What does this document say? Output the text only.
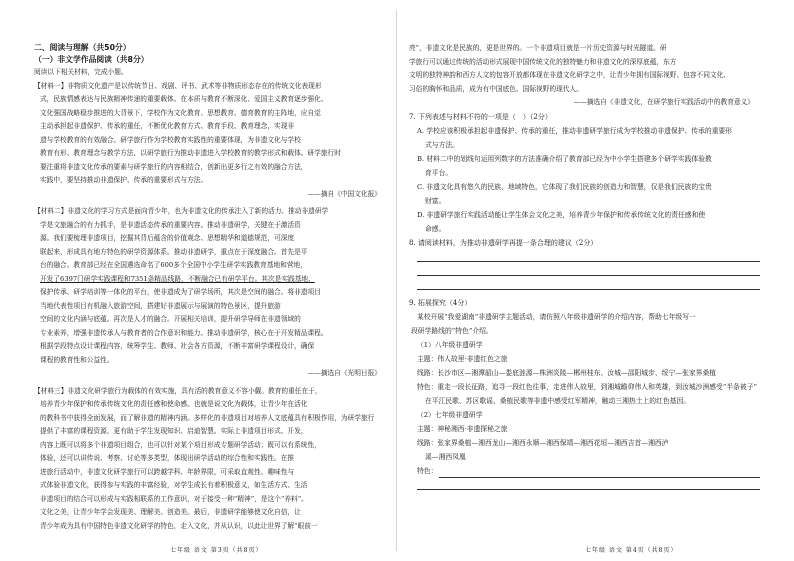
二、阅读与理解（共50分）
（一）非文学作品阅读（共8分）
阅读以下相关材料，完成小题。
【材料一】非物质文化遗产是以传统节日、戏剧、评书、武术等非物质形态存在的传统文化表现形
式，民族情感表达与民族精神传递的重要载体。在本质与教育不断深化、爱国主义教育逐步强化、
文化强国战略稳步推进的大背景下，学校作为文化教育、思想教育、德育教育的主阵地，应自觉
主动承担起非遗保护、传承的重任，不断优化教育方式、教育手段、教育理念，实现非
遗与学校教育的有效融合。研学旅行作为学校教育实践性的重要体现，为非遗文化与学校
教育有形、教育理念与教学方法，以研学旅行为推动非遗进入学校教育的教学形式和载体。研学旅行时
要注重将非遗文化传承的要素与研学旅行的内容相结合，创新出更多行之有效的融合方法，
实践中，要坚持推动非遗保护、传承的重要形式与方法。
——摘自《中国文化报》
【材料二】非遗文化的学习方式是面向青少年，也为非遗文化的传承注入了新的活力。推动非遗研学
学是文旅融合的有力抓手，是非遗活态传承的重要内容。推动非遗研学，关键在于激活资
源。我们要梳理非遗项目，挖掘其背后蕴含的价值观念、思想精华和道德规范，可深度
联起来，形成具有地方特色的研学资源体系。推动非遗研学，重点在于深度融合。首先是平
台的融合。教育部已经在全国遴选命名了600多个全国中小学生研学实践教育基地和营地，
开发了6397门研学实践课程和7351条精品线路，不断融合已有研学平台。其次是实践基地、
保护传承、研学培训等一体化的平台，使非遗成为了研学场所，其次是空间的融合。将非遗项目
当地代表性项目有机融入旅游空间，搭建好非遗展示与展演的特色景区，提升旅游
空间的文化内涵与底蕴。再次是人才的融合。开展相关培训，提升研学导师在非遗领域的
专业素养，增强非遗传承人与教育者的合作意识和能力。推动非遗研学，核心在于开发精品课程。
根据学段特点设计课程内容，统筹学生、教师、社会各方资源，不断丰富研学课程设计，确保
课程的教育性和公益性。
——摘选自《光明日报》
【材料三】非遗文化研学旅行为载体的有效实施，具有活的教育意义不容小觑。教育的重任在于，
培养青少年保护和传承传统文化的责任感和使命感。也就是说文化为载体，让青少年在活化
的教科书中获得全面发展，而了解非遗的精神内涵。多样化的非遗项目对培养人文底蕴具有积极作用，为研学旅行
提供了丰富的课程资源，更有助于学生发现知识、启迪智慧。实际上非遗项目形式、开发，
内容上既可以将多个非遗项目组合，也可以针对某个项目形成专题研学活动；既可以有系统性，
体验，还可以讲传说、考察、讨论等多类型，体现出研学活动的综合性和实践性。在推
进旅行活动中，非遗文化研学旅行可以跨越学科、年龄界限，可采取直观性、趣味性与
式体验非遗文化，获得参与实践的丰富经验，对学生成长有着积极意义，如生活方式、生活
非遗项目的结合可以形成与实践相联系的工作意识，对于接受一种“精神”，是这个“养料”。
文化之美，让青少年学会发现美、理解美、创造美。最后，非遗研学能够使文化自信，让
青少年成为具有中国特色非遗文化研学的特色，走入文化，并从认识，以此让世界了解“眼前一
七年级 语文 第3页（共8页）
亮”，非遗文化是民族的，更是世界的。一个非遗项目就是一片历史资源与时光隧道。研
学旅行可以通过传统的活动形式展现中国传统文化的独特魅力和非遗文化的深厚底蕴，东方
文明的独特神韵和西方人文的包容开放都体现在非遗文化研学之中，让青少年拥有国际视野、包容不同文化、
习俗的胸怀和品质，成为有中国底色、国际视野的现代人。
——摘选自《非遗文化，在研学旅行实践活动中的教育意义》
7. 下列表述与材料不符的一项是（　）（2分）
A. 学校应该积极承担起非遗保护、传承的重任，推动非遗研学旅行成为学校推动非遗保护、传承的重要形
式与方法。
B. 材料二中的划线句运用列数字的方法准确介绍了教育部已经为中小学生搭建多个研学实践体验教
育平台。
C. 非遗文化具有悠久的民族、地域特色，它体现了我们民族的创造力和智慧，仅是我们民族的宝贵
财富。
D. 非遗研学旅行实践活动能让学生体会文化之美，培养青少年保护和传承传统文化的责任感和使
命感。
8. 请阅读材料，为推动非遗研学再提一条合理的建议（2分）
9. 拓展探究（4分）
某校开展“我爱湖南”非遗研学主题活动，请仿照八年级非遗研学的介绍内容，帮助七年级写一
段研学路线的“特色”介绍。
（1）八年级非遗研学
主题：伟人故里·非遗红色之旅
线路：长沙市区—湘潭韶山—娄底涟源—株洲炎陵—郴州桂东、汝城—邵阳城步、绥宁—张家界桑植
特色：重走一段长征路，追寻一段红色往事，走进伟人故里，到湘城瞻仰伟人和英雄，到汝城沙洲感受“半条被子”
在平江民歌、苏区歌谣、桑植民歌等非遗中感受红军精神，触动三湘热土上的红色基因。
（2）七年级非遗研学
主题：神秘湘西·非遗探秘之旅
线路：张家界桑植—湘西龙山—湘西永顺—湘西保靖—湘西花垣—湘西吉首—湘西泸
溪—湘西凤凰
特色：
七年级 语文 第4页（共8页）
